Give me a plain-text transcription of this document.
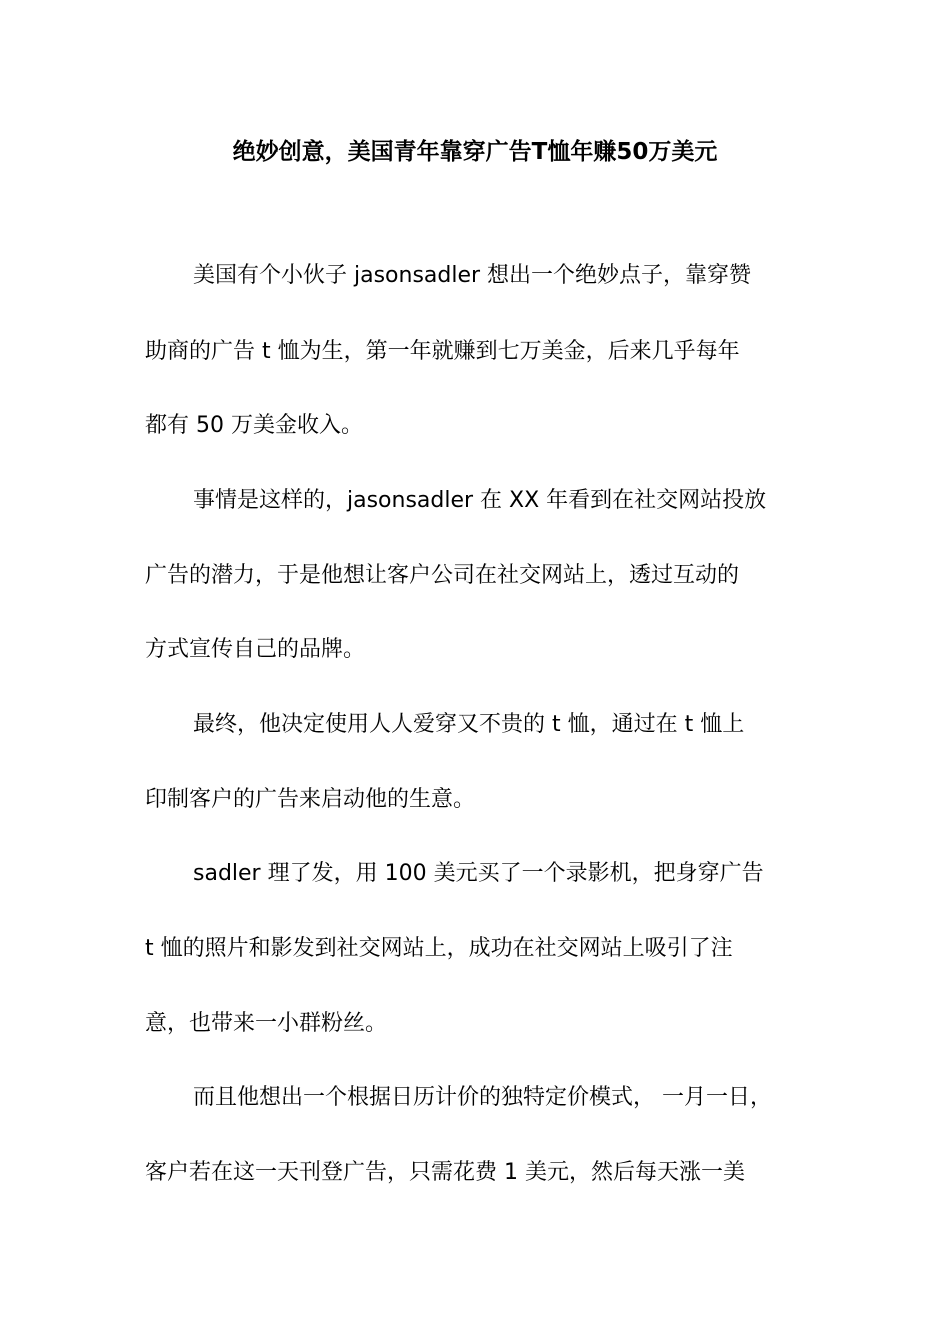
绝妙创意，美国青年靠穿广告T恤年赚50万美元

美国有个小伙子 jasonsadler 想出一个绝妙点子，靠穿赞

助商的广告 t 恤为生，第一年就赚到七万美金，后来几乎每年

都有 50 万美金收入。

事情是这样的，jasonsadler 在 XX 年看到在社交网站投放

广告的潜力，于是他想让客户公司在社交网站上，透过互动的

方式宣传自己的品牌。

最终，他决定使用人人爱穿又不贵的 t 恤，通过在 t 恤上

印制客户的广告来启动他的生意。

sadler 理了发，用 100 美元买了一个录影机，把身穿广告

t 恤的照片和影发到社交网站上，成功在社交网站上吸引了注

意，也带来一小群粉丝。

而且他想出一个根据日历计价的独特定价模式， 一月一日，

客户若在这一天刊登广告，只需花费 1 美元，然后每天涨一美
